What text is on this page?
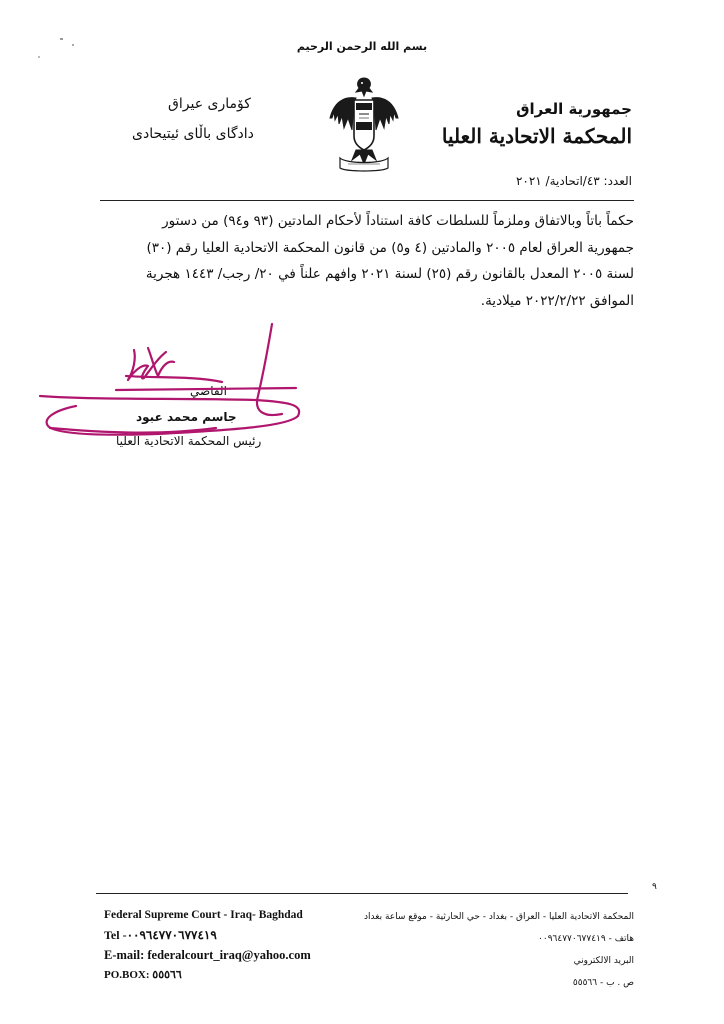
بسم الله الرحمن الرحيم
جمهورية العراق
المحكمة الاتحادية العليا
كۆمارى عيراق
دادگای باڵای ئیتیحادی
العدد: ٤٣/اتحادية/ ٢٠٢١

حكماً باتاً وبالاتفاق وملزماً للسلطات كافة استناداً لأحكام المادتين (٩٣ و٩٤) من دستور

جمهورية العراق لعام ٢٠٠٥ والمادتين (٤ و٥) من قانون المحكمة الاتحادية العليا رقم (٣٠)

لسنة ٢٠٠٥ المعدل بالقانون رقم (٢٥) لسنة ٢٠٢١ وافهم علناً في ٢٠/ رجب/ ١٤٤٣ هجرية

الموافق ٢٠٢٢/٢/٢٢ ميلادية.

القاضي
جاسم محمد عبود
رئيس المحكمة الاتحادية العليا
٩
Federal Supreme Court - Iraq- Baghdad
Tel -٠٠٩٦٤٧٧٠٦٧٧٤١٩
E-mail: federalcourt_iraq@yahoo.com
PO.BOX: ٥٥٥٦٦
المحكمة الاتحادية العليا - العراق - بغداد - حي الحارثية - موقع ساعة بغداد
هاتف - ٠٠٩٦٤٧٧٠٦٧٧٤١٩
البريد الالكتروني
ص . ب - ٥٥٥٦٦
